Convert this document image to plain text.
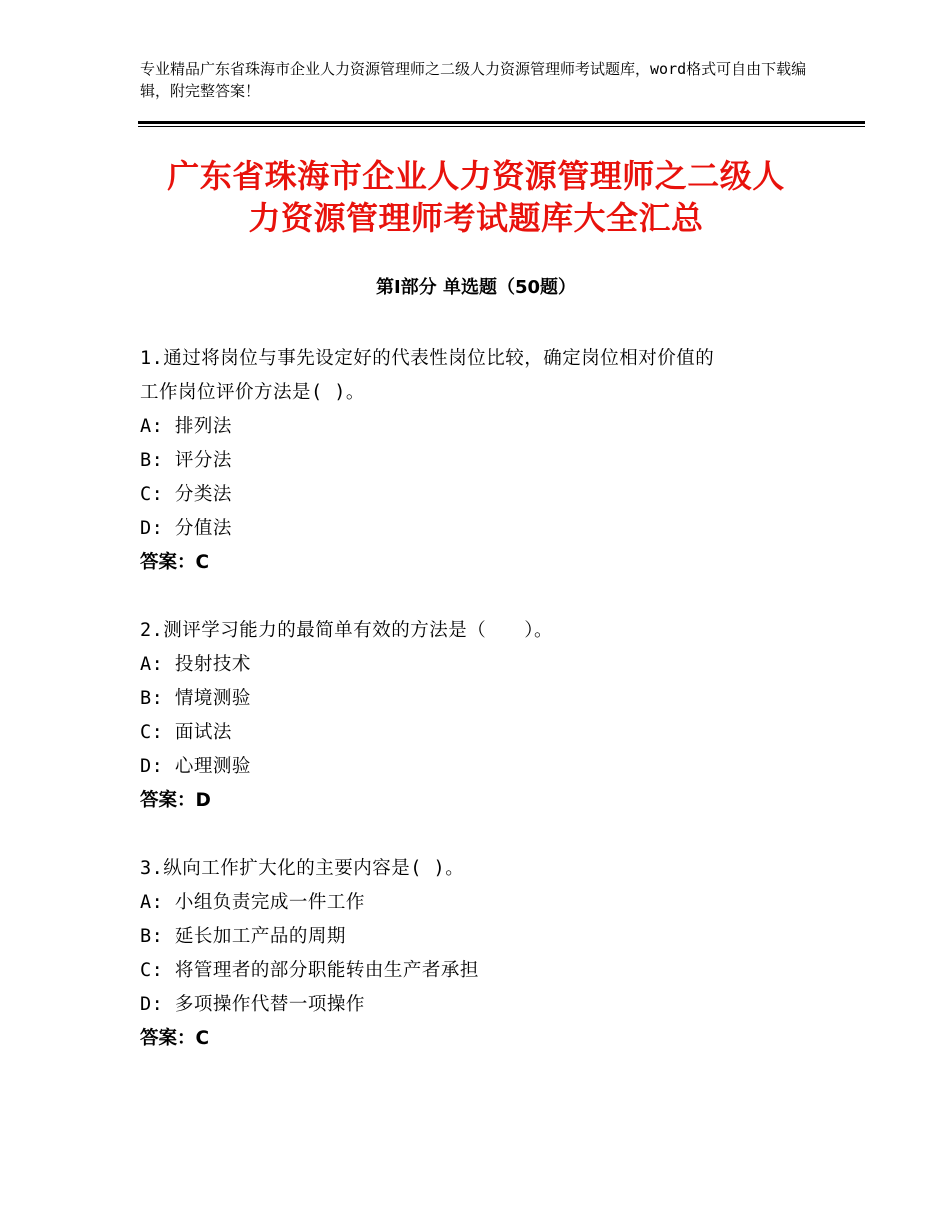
专业精品广东省珠海市企业人力资源管理师之二级人力资源管理师考试题库，word格式可自由下载编辑，附完整答案！
广东省珠海市企业人力资源管理师之二级人
力资源管理师考试题库大全汇总
第Ⅰ部分 单选题（50题）

1.通过将岗位与事先设定好的代表性岗位比较，确定岗位相对价值的

工作岗位评价方法是( )。

A: 排列法

B: 评分法

C: 分类法

D: 分值法

答案：C

2.测评学习能力的最简单有效的方法是（　　）。

A: 投射技术

B: 情境测验

C: 面试法

D: 心理测验

答案：D

3.纵向工作扩大化的主要内容是( )。

A: 小组负责完成一件工作

B: 延长加工产品的周期

C: 将管理者的部分职能转由生产者承担

D: 多项操作代替一项操作

答案：C
